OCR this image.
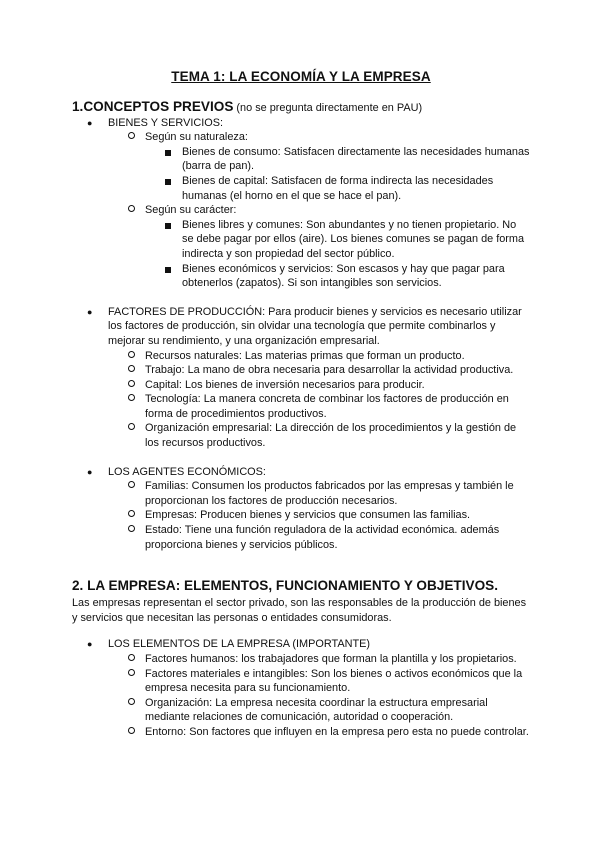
TEMA 1: LA ECONOMÍA Y LA EMPRESA
1.CONCEPTOS PREVIOS (no se pregunta directamente en PAU)
● BIENES Y SERVICIOS:
Según su naturaleza:
Bienes de consumo: Satisfacen directamente las necesidades humanas (barra de pan).
Bienes de capital: Satisfacen de forma indirecta las necesidades humanas (el horno en el que se hace el pan).
Según su carácter:
Bienes libres y comunes: Son abundantes y no tienen propietario. No se debe pagar por ellos (aire). Los bienes comunes se pagan de forma indirecta y son propiedad del sector público.
Bienes económicos y servicios: Son escasos y hay que pagar para obtenerlos (zapatos). Si son intangibles son servicios.
● FACTORES DE PRODUCCIÓN: Para producir bienes y servicios es necesario utilizar los factores de producción, sin olvidar una tecnología que permite combinarlos y mejorar su rendimiento, y una organización empresarial.
Recursos naturales: Las materias primas que forman un producto.
Trabajo: La mano de obra necesaria para desarrollar la actividad productiva.
Capital: Los bienes de inversión necesarios para producir.
Tecnología: La manera concreta de combinar los factores de producción en forma de procedimientos productivos.
Organización empresarial: La dirección de los procedimientos y la gestión de los recursos productivos.
● LOS AGENTES ECONÓMICOS:
Familias: Consumen los productos fabricados por las empresas y también le proporcionan los factores de producción necesarios.
Empresas: Producen bienes y servicios que consumen las familias.
Estado: Tiene una función reguladora de la actividad económica. además proporciona bienes y servicios públicos.
2. LA EMPRESA: ELEMENTOS, FUNCIONAMIENTO Y OBJETIVOS.

Las empresas representan el sector privado, son las responsables de la producción de bienes y servicios que necesitan las personas o entidades consumidoras.

● LOS ELEMENTOS DE LA EMPRESA (IMPORTANTE)
Factores humanos: los trabajadores que forman la plantilla y los propietarios.
Factores materiales e intangibles: Son los bienes o activos económicos que la empresa necesita para su funcionamiento.
Organización: La empresa necesita coordinar la estructura empresarial mediante relaciones de comunicación, autoridad o cooperación.
Entorno: Son factores que influyen en la empresa pero esta no puede controlar.
